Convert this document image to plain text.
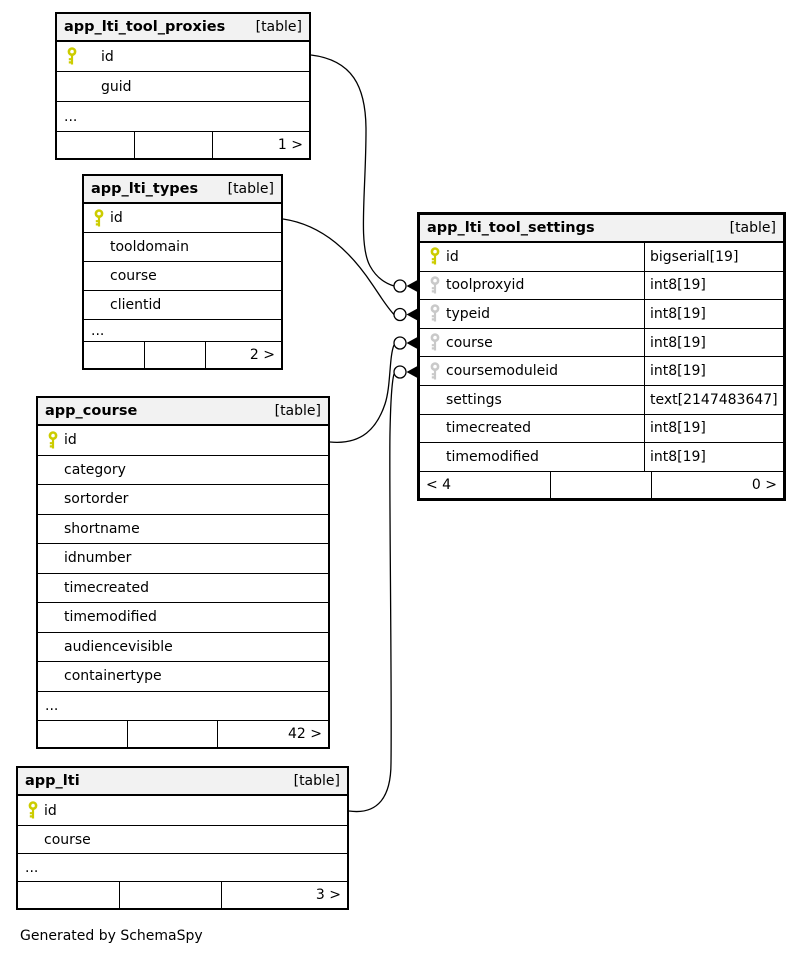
app_lti_tool_proxies [table]
id
guid
...
1 >
app_lti_types [table]
id
tooldomain
course
clientid
...
2 >
app_course	[table]
id
category
sortorder
shortname
idnumber
timecreated
timemodified
audiencevisible
containertype
...
42 >
app_lti	[table]
id
course
...
3 >
app_lti_tool_settings	[table]
id	bigserial[19]
toolproxyid	int8[19]
typeid	int8[19]
course	int8[19]
coursemoduleid	int8[19]
settings	text[2147483647]
timecreated	int8[19]
timemodified	int8[19]
< 4	0 >
Generated by SchemaSpy
